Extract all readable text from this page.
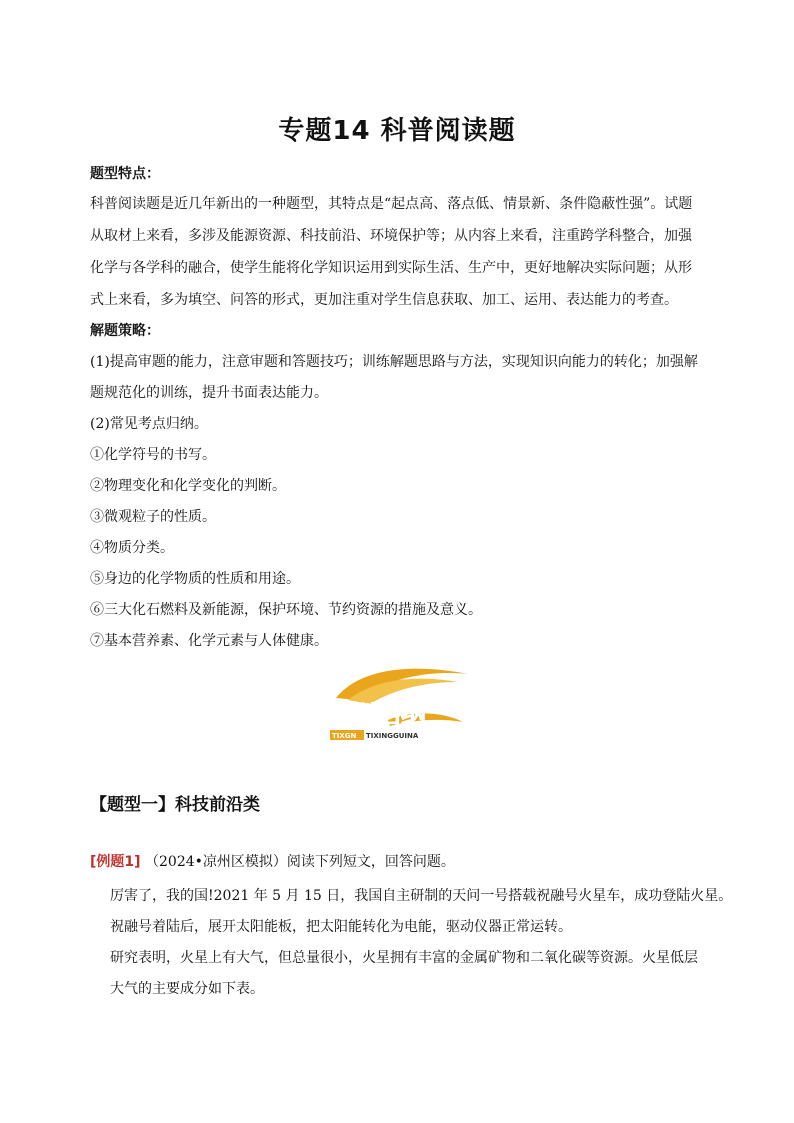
专题14 科普阅读题
题型特点：
科普阅读题是近几年新出的一种题型，其特点是“起点高、落点低、情景新、条件隐蔽性强”。试题
从取材上来看，多涉及能源资源、科技前沿、环境保护等；从内容上来看，注重跨学科整合，加强
化学与各学科的融合，使学生能将化学知识运用到实际生活、生产中，更好地解决实际问题；从形
式上来看，多为填空、问答的形式，更加注重对学生信息获取、加工、运用、表达能力的考查。
解题策略：
(1)提高审题的能力，注意审题和答题技巧；训练解题思路与方法，实现知识向能力的转化；加强解
题规范化的训练，提升书面表达能力。
(2)常见考点归纳。
①化学符号的书写。
②物理变化和化学变化的判断。
③微观粒子的性质。
④物质分类。
⑤身边的化学物质的性质和用途。
⑥三大化石燃料及新能源，保护环境、节约资源的措施及意义。
⑦基本营养素、化学元素与人体健康。
题型归纳
TIXGN TIXINGGUINA
【题型一】科技前沿类
[例题1] （2024•凉州区模拟）阅读下列短文，回答问题。
厉害了，我的国!2021 年 5 月 15 日，我国自主研制的天问一号搭载祝融号火星车，成功登陆火星。
祝融号着陆后，展开太阳能板，把太阳能转化为电能，驱动仪器正常运转。
研究表明，火星上有大气，但总量很小，火星拥有丰富的金属矿物和二氧化碳等资源。火星低层
大气的主要成分如下表。
